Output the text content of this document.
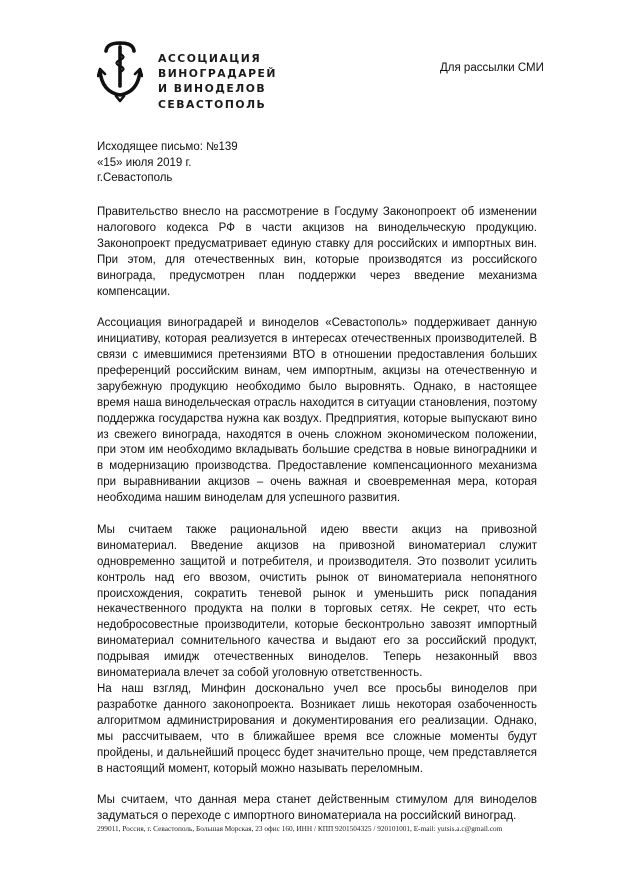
АССОЦИАЦИЯ
ВИНОГРАДАРЕЙ
И ВИНОДЕЛОВ
СЕВАСТОПОЛЬ
Для рассылки СМИ
Исходящее письмо: №139
«15» июля 2019 г.
г.Севастополь

Правительство внесло на рассмотрение в Госдуму Законопроект об изменении налогового кодекса РФ в части акцизов на винодельческую продукцию. Законопроект предусматривает единую ставку для российских и импортных вин. При этом, для отечественных вин, которые производятся из российского винограда, предусмотрен план поддержки через введение механизма компенсации.

Ассоциация виноградарей и виноделов «Севастополь» поддерживает данную инициативу, которая реализуется в интересах отечественных производителей. В связи с имевшимися претензиями ВТО в отношении предоставления больших преференций российским винам, чем импортным, акцизы на отечественную и зарубежную продукцию необходимо было выровнять. Однако, в настоящее время наша винодельческая отрасль находится в ситуации становления, поэтому поддержка государства нужна как воздух. Предприятия, которые выпускают вино из свежего винограда, находятся в очень сложном экономическом положении, при этом им необходимо вкладывать большие средства в новые виноградники и в модернизацию производства. Предоставление компенсационного механизма при выравнивании акцизов – очень важная и своевременная мера, которая необходима нашим виноделам для успешного развития.

Мы считаем также рациональной идею ввести акциз на привозной виноматериал. Введение акцизов на привозной виноматериал служит одновременно защитой и потребителя, и производителя. Это позволит усилить контроль над его ввозом, очистить рынок от виноматериала непонятного происхождения, сократить теневой рынок и уменьшить риск попадания некачественного продукта на полки в торговых сетях. Не секрет, что есть недобросовестные производители, которые бесконтрольно завозят импортный виноматериал сомнительного качества и выдают его за российский продукт, подрывая имидж отечественных виноделов. Теперь незаконный ввоз виноматериала влечет за собой уголовную ответственность.

На наш взгляд, Минфин досконально учел все просьбы виноделов при разработке данного законопроекта. Возникает лишь некоторая озабоченность алгоритмом администрирования и документирования его реализации. Однако, мы рассчитываем, что в ближайшее время все сложные моменты будут пройдены, и дальнейший процесс будет значительно проще, чем представляется в настоящий момент, который можно называть переломным.

Мы считаем, что данная мера станет действенным стимулом для виноделов задуматься о переходе с импортного виноматериала на российский виноград.

299011, Россия, г. Севастополь, Большая Морская, 23 офис 160, ИНН / КПП 9201504325 / 920101001, E-mail: yutsis.a.c@gmail.com
